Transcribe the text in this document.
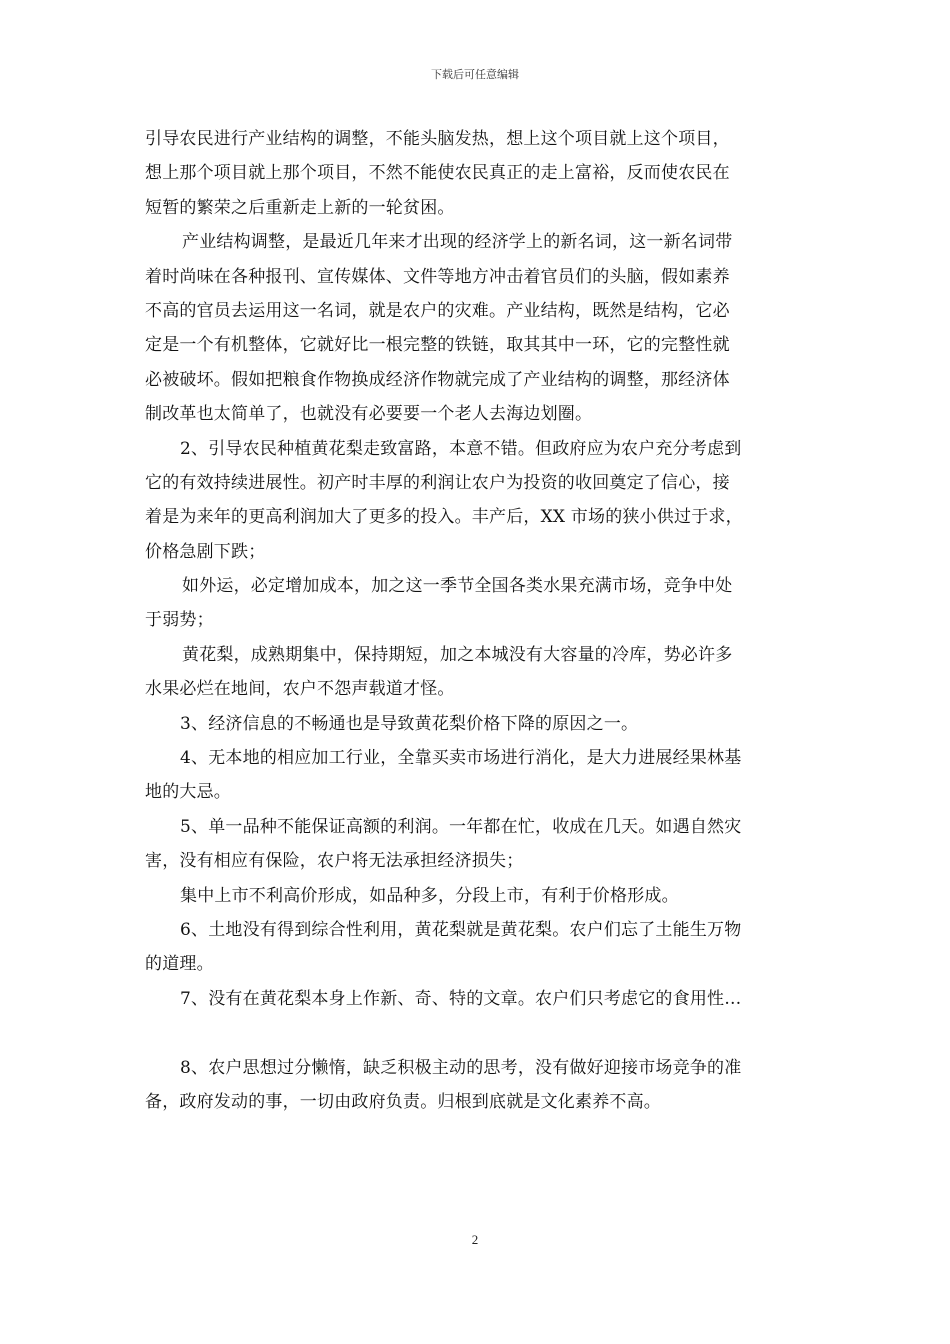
下载后可任意编辑
引导农民进行产业结构的调整，不能头脑发热，想上这个项目就上这个项目，
想上那个项目就上那个项目，不然不能使农民真正的走上富裕，反而使农民在
短暂的繁荣之后重新走上新的一轮贫困。
产业结构调整，是最近几年来才出现的经济学上的新名词，这一新名词带
着时尚味在各种报刊、宣传媒体、文件等地方冲击着官员们的头脑，假如素养
不高的官员去运用这一名词，就是农户的灾难。产业结构，既然是结构，它必
定是一个有机整体，它就好比一根完整的铁链，取其其中一环，它的完整性就
必被破坏。假如把粮食作物换成经济作物就完成了产业结构的调整，那经济体
制改革也太简单了，也就没有必要要一个老人去海边划圈。
2、引导农民种植黄花梨走致富路，本意不错。但政府应为农户充分考虑到
它的有效持续进展性。初产时丰厚的利润让农户为投资的收回奠定了信心，接
着是为来年的更高利润加大了更多的投入。丰产后，XX 市场的狭小供过于求，
价格急剧下跌；
如外运，必定增加成本，加之这一季节全国各类水果充满市场，竞争中处
于弱势；
黄花梨，成熟期集中，保持期短，加之本城没有大容量的冷库，势必许多
水果必烂在地间，农户不怨声载道才怪。
3、经济信息的不畅通也是导致黄花梨价格下降的原因之一。
4、无本地的相应加工行业，全靠买卖市场进行消化，是大力进展经果林基
地的大忌。
5、单一品种不能保证高额的利润。一年都在忙，收成在几天。如遇自然灾
害，没有相应有保险，农户将无法承担经济损失；
集中上市不利高价形成，如品种多，分段上市，有利于价格形成。
6、土地没有得到综合性利用，黄花梨就是黄花梨。农户们忘了土能生万物
的道理。
7、没有在黄花梨本身上作新、奇、特的文章。农户们只考虑它的食用性…
8、农户思想过分懒惰，缺乏积极主动的思考，没有做好迎接市场竞争的准
备，政府发动的事，一切由政府负责。归根到底就是文化素养不高。
2
